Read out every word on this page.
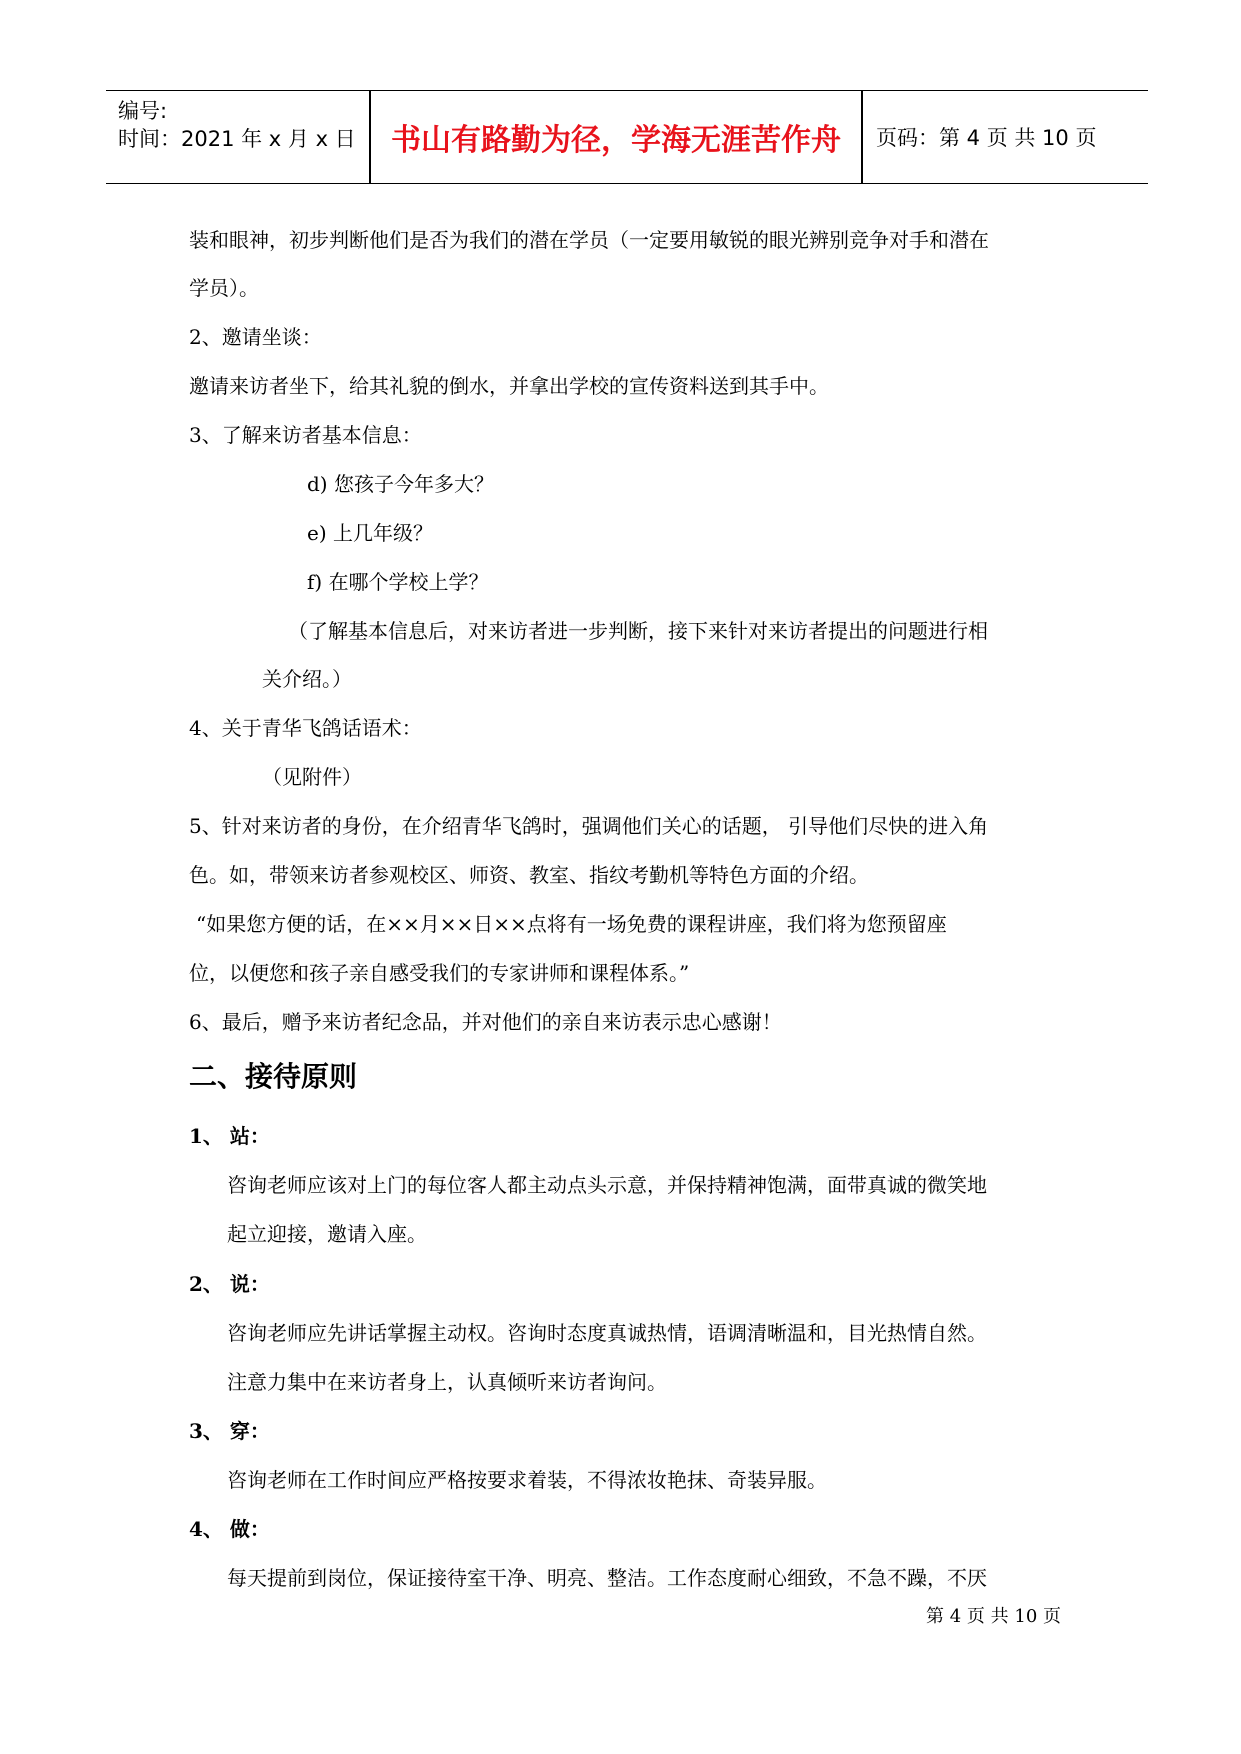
编号:
时间：2021 年 x 月 x 日	书山有路勤为径，学海无涯苦作舟	页码：第 4 页 共 10 页
装和眼神，初步判断他们是否为我们的潜在学员（一定要用敏锐的眼光辨别竞争对手和潜在
学员）。
2、邀请坐谈：
邀请来访者坐下，给其礼貌的倒水，并拿出学校的宣传资料送到其手中。
3、了解来访者基本信息：
d) 您孩子今年多大？
e) 上几年级？
f) 在哪个学校上学？
（了解基本信息后，对来访者进一步判断，接下来针对来访者提出的问题进行相
关介绍。）
4、关于青华飞鸽话语术：
（见附件）
5、针对来访者的身份，在介绍青华飞鸽时，强调他们关心的话题， 引导他们尽快的进入角
色。如，带领来访者参观校区、师资、教室、指纹考勤机等特色方面的介绍。
“如果您方便的话，在××月××日××点将有一场免费的课程讲座，我们将为您预留座
位，以便您和孩子亲自感受我们的专家讲师和课程体系。”
6、最后，赠予来访者纪念品，并对他们的亲自来访表示忠心感谢！
二、接待原则
1、 站：
咨询老师应该对上门的每位客人都主动点头示意，并保持精神饱满，面带真诚的微笑地
起立迎接，邀请入座。
2、 说：
咨询老师应先讲话掌握主动权。咨询时态度真诚热情，语调清晰温和，目光热情自然。
注意力集中在来访者身上，认真倾听来访者询问。
3、 穿：
咨询老师在工作时间应严格按要求着装，不得浓妆艳抹、奇装异服。
4、 做：
每天提前到岗位，保证接待室干净、明亮、整洁。工作态度耐心细致，不急不躁，不厌
第 4 页 共 10 页
